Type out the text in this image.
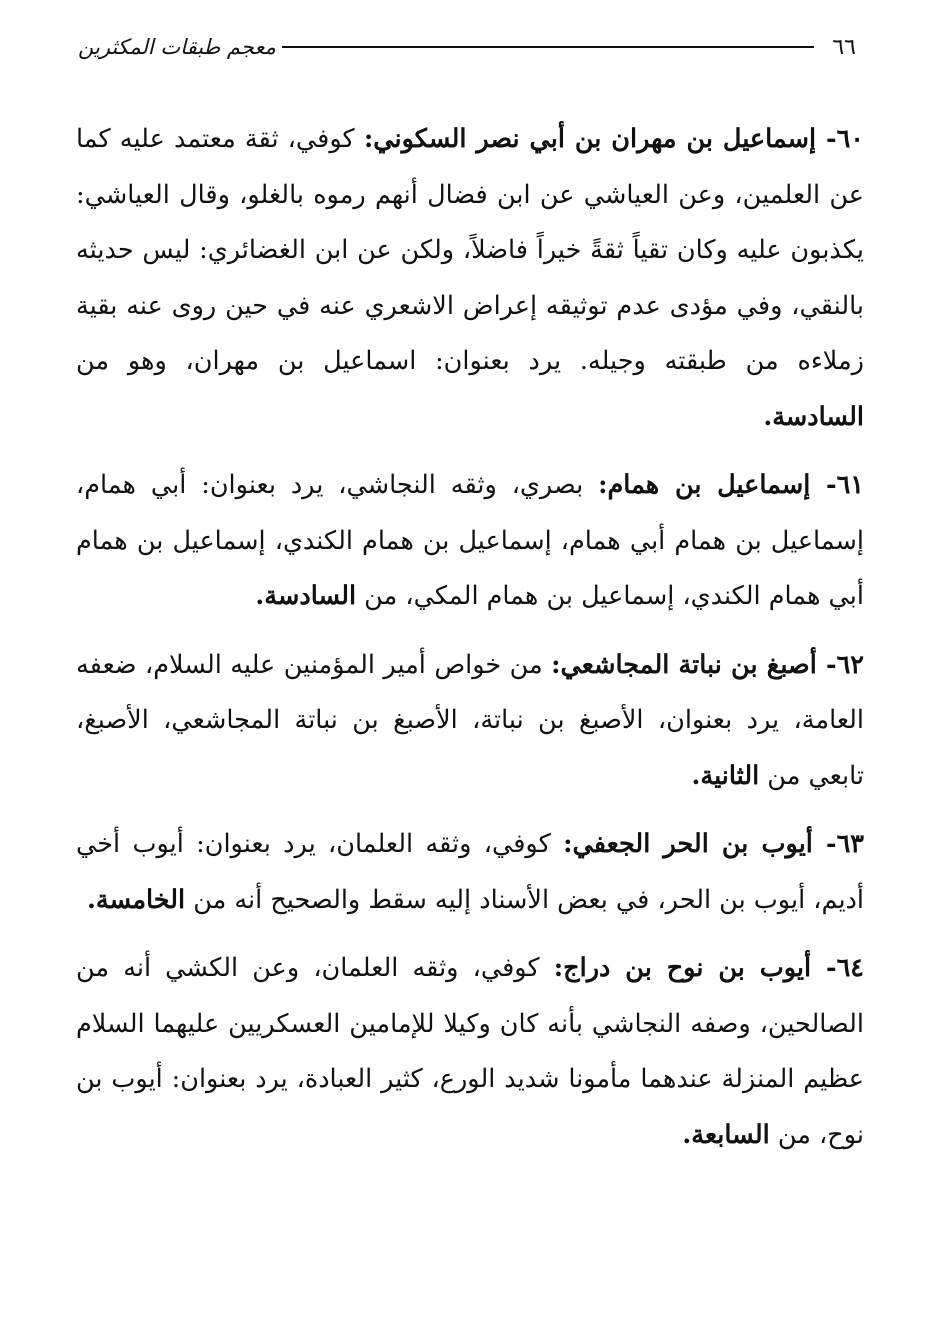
٦٦
معجم طبقات المكثرين

٦٠- إسماعيل بن مهران بن أبي نصر السكوني: كوفي، ثقة معتمد عليه كما عن العلمين، وعن العياشي عن ابن فضال أنهم رموه بالغلو، وقال العياشي: يكذبون عليه وكان تقياً ثقةً خيراً فاضلاً، ولكن عن ابن الغضائري: ليس حديثه بالنقي، وفي مؤدى عدم توثيقه إعراض الاشعري عنه في حين روى عنه بقية زملاءه من طبقته وجيله. يرد بعنوان: اسماعيل بن مهران، وهو من السادسة.

٦١- إسماعيل بن همام: بصري، وثقه النجاشي، يرد بعنوان: أبي همام، إسماعيل بن همام أبي همام، إسماعيل بن همام الكندي، إسماعيل بن همام أبي همام الكندي، إسماعيل بن همام المكي، من السادسة.

٦٢- أصبغ بن نباتة المجاشعي: من خواص أمير المؤمنين عليه السلام، ضعفه العامة، يرد بعنوان، الأصبغ بن نباتة، الأصبغ بن نباتة المجاشعي، الأصبغ، تابعي من الثانية.

٦٣- أيوب بن الحر الجعفي: كوفي، وثقه العلمان، يرد بعنوان: أيوب أخي أديم، أيوب بن الحر، في بعض الأسناد إليه سقط والصحيح أنه من الخامسة.

٦٤- أيوب بن نوح بن دراج: كوفي، وثقه العلمان، وعن الكشي أنه من الصالحين، وصفه النجاشي بأنه كان وكيلا للإمامين العسكريين عليهما السلام عظيم المنزلة عندهما مأمونا شديد الورع، كثير العبادة، يرد بعنوان: أيوب بن نوح، من السابعة.
